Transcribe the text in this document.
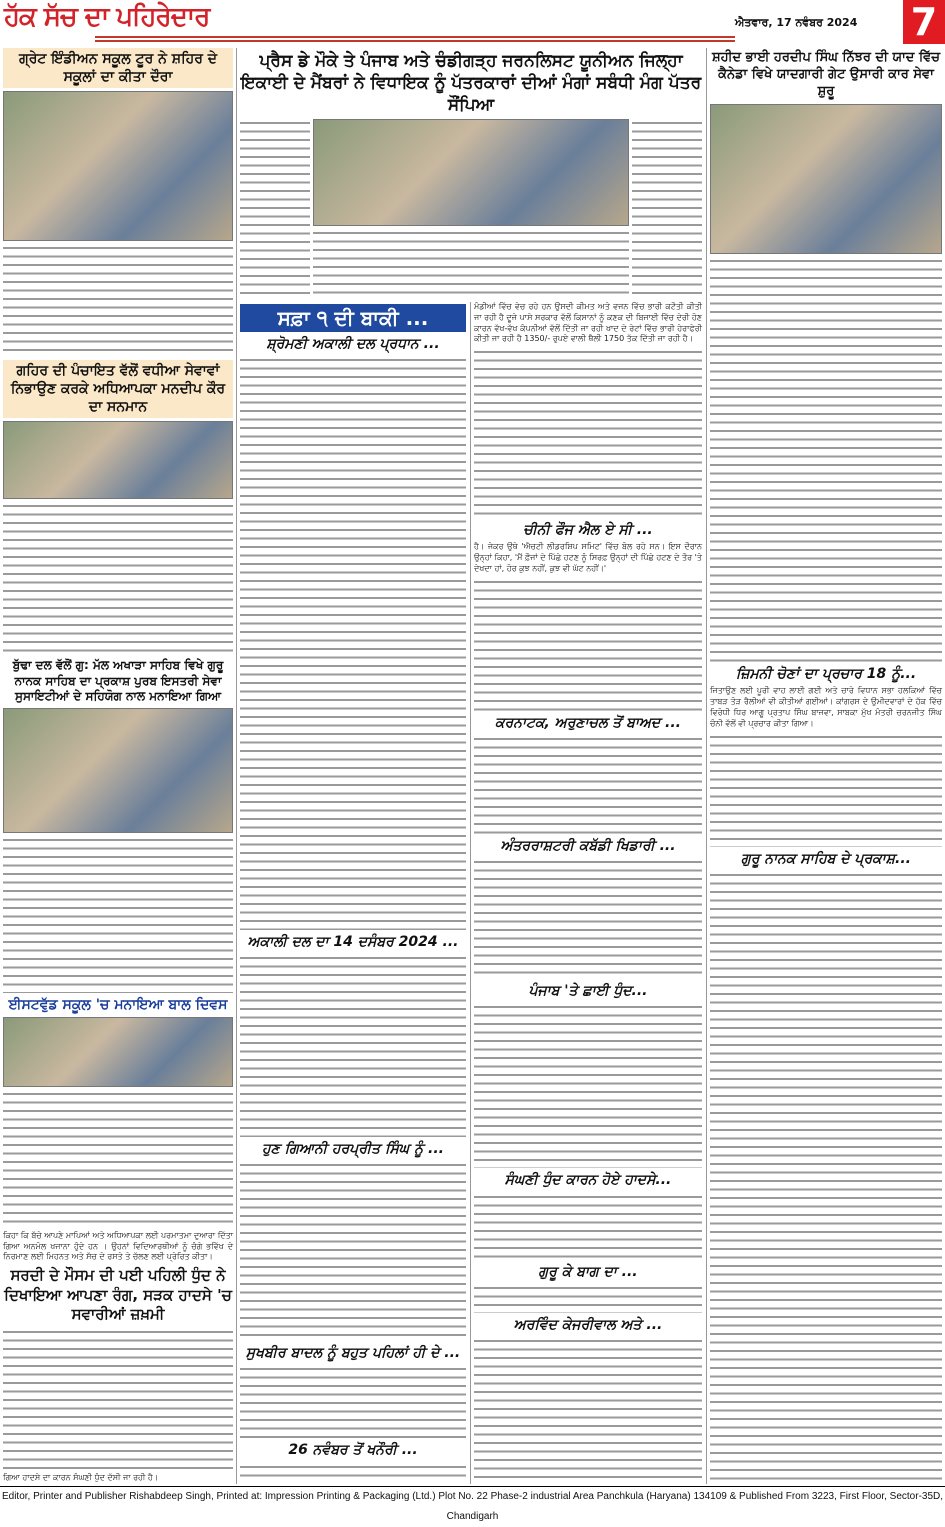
ਹੱਕ ਸੱਚ ਦਾ ਪਹਿਰੇਦਾਰ	ਐਤਵਾਰ, 17 ਨਵੰਬਰ 2024 7
ਗ੍ਰੇਟ ਇੰਡੀਅਨ ਸਕੂਲ ਟੂਰ ਨੇ ਸ਼ਹਿਰ ਦੇ ਸਕੂਲਾਂ ਦਾ ਕੀਤਾ ਦੌਰਾ
ਗਹਿਰ ਦੀ ਪੰਚਾਇਤ ਵੱਲੋਂ ਵਧੀਆ ਸੇਵਾਵਾਂ ਨਿਭਾਉਣ ਕਰਕੇ ਅਧਿਆਪਕਾ ਮਨਦੀਪ ਕੌਰ ਦਾ ਸਨਮਾਨ
ਬੁੱਢਾ ਦਲ ਵੱਲੋਂ ਗੁ: ਮੱਲ ਅਖਾੜਾ ਸਾਹਿਬ ਵਿਖੇ ਗੁਰੂ ਨਾਨਕ ਸਾਹਿਬ ਦਾ ਪ੍ਰਕਾਸ਼ ਪੁਰਬ ਇਸਤਰੀ ਸੇਵਾ ਸੁਸਾਇਟੀਆਂ ਦੇ ਸਹਿਯੋਗ ਨਾਲ ਮਨਾਇਆ ਗਿਆ
ਈਸਟਵੁੱਡ ਸਕੂਲ 'ਚ ਮਨਾਇਆ ਬਾਲ ਦਿਵਸ
ਕਿਹਾ ਕਿ ਬੱਚੇ ਆਪਣੇ ਮਾਪਿਆਂ ਅਤੇ ਅਧਿਆਪਕਾ ਲਈ ਪਰਮਾਤਮਾ ਦੁਆਰਾ ਦਿੱਤਾ ਗਿਆ ਅਨਮੋਲ ਖਜਾਨਾ ਹੁੰਦੇ ਹਨ । ਉਹਨਾਂ ਵਿਦਿਆਰਥੀਆਂ ਨੂੰ ਚੰਗੇ ਭਵਿੱਖ ਦੇ ਨਿਰਮਾਣ ਲਈ ਮਿਹਨਤ ਅਤੇ ਸੱਚ ਦੇ ਰਸਤੇ ਤੇ ਚੱਲਣ ਲਈ ਪ੍ਰੇਰਿਤ ਕੀਤਾ।
ਸਰਦੀ ਦੇ ਮੌਸਮ ਦੀ ਪਈ ਪਹਿਲੀ ਧੁੰਦ ਨੇ ਦਿਖਾਇਆ ਆਪਣਾ ਰੰਗ, ਸੜਕ ਹਾਦਸੇ 'ਚ ਸਵਾਰੀਆਂ ਜ਼ਖ਼ਮੀ
ਗਿਆ ਹਾਦਸੇ ਦਾ ਕਾਰਨ ਸੰਘਣੀ ਧੁੰਦ ਦੱਸੀ ਜਾ ਰਹੀ ਹੈ।
ਪ੍ਰੈਸ ਡੇ ਮੌਕੇ ਤੇ ਪੰਜਾਬ ਅਤੇ ਚੰਡੀਗੜ੍ਹ ਜਰਨਲਿਸਟ ਯੂਨੀਅਨ ਜਿਲ੍ਹਾ ਇਕਾਈ ਦੇ ਮੈਂਬਰਾਂ ਨੇ ਵਿਧਾਇਕ ਨੂੰ ਪੱਤਰਕਾਰਾਂ ਦੀਆਂ ਮੰਗਾਂ ਸਬੰਧੀ ਮੰਗ ਪੱਤਰ ਸੌਂਪਿਆ
ਸਫ਼ਾ ੧ ਦੀ ਬਾਕੀ ...
ਸ਼੍ਰੋਮਣੀ ਅਕਾਲੀ ਦਲ ਪ੍ਰਧਾਨ ...
ਅਕਾਲੀ ਦਲ ਦਾ 14 ਦਸੰਬਰ 2024 ...
ਹੁਣ ਗਿਆਨੀ ਹਰਪ੍ਰੀਤ ਸਿੰਘ ਨੂੰ ...
ਸੁਖਬੀਰ ਬਾਦਲ ਨੂੰ ਬਹੁਤ ਪਹਿਲਾਂ ਹੀ ਦੇ ...
26 ਨਵੰਬਰ ਤੋਂ ਖਨੌਰੀ ...
ਮੰਡੀਆਂ ਵਿੱਚ ਵੇਚ ਰਹੇ ਹਨ ਉਸਦੀ ਕੀਮਤ ਅਤੇ ਵਜਨ ਵਿੱਚ ਭਾਰੀ ਕਟੌਤੀ ਕੀਤੀ ਜਾ ਰਹੀ ਹੈ ਦੂਜੇ ਪਾਸੇ ਸਰਕਾਰ ਵੱਲੋਂ ਕਿਸਾਨਾਂ ਨੂੰ ਕਣਕ ਦੀ ਬਿਜਾਈ ਵਿੱਚ ਦੇਰੀ ਹੋਣ ਕਾਰਨ ਵੱਖ-ਵੱਖ ਕੰਪਨੀਆਂ ਵੱਲੋਂ ਦਿੱਤੀ ਜਾ ਰਹੀ ਖਾਦ ਦੇ ਰੇਟਾਂ ਵਿੱਚ ਭਾਰੀ ਹੇਰਾਫੇਰੀ ਕੀਤੀ ਜਾ ਰਹੀ ਹੈ 1350/- ਰੁਪਏ ਵਾਲੀ ਥੈਲੀ 1750 ਤੱਕ ਦਿੱਤੀ ਜਾ ਰਹੀ ਹੈ।
ਚੀਨੀ ਫੌਜ ਐਲ ਏ ਸੀ ...
ਹੈ। ਜੇਕਰ ਉਥੇ 'ਐਚਟੀ ਲੀਡਰਸ਼ਿਪ ਸਮਿਟ' ਵਿੱਚ ਬੋਲ ਰਹੇ ਸਨ। ਇਸ ਦੌਰਾਨ ਉਨ੍ਹਾਂ ਕਿਹਾ, 'ਮੈਂ ਫ਼ੌਜਾਂ ਦੇ ਪਿੱਛੇ ਹਟਣ ਨੂੰ ਸਿਰਫ਼ ਉਨ੍ਹਾਂ ਦੀ ਪਿੱਛੇ ਹਟਣ ਦੇ ਤੌਰ 'ਤੇ ਦੇਖਦਾ ਹਾਂ, ਹੋਰ ਕੁਝ ਨਹੀਂ, ਕੁਝ ਵੀ ਘੱਟ ਨਹੀਂ।'
ਕਰਨਾਟਕ, ਅਰੁਣਾਚਲ ਤੋਂ ਬਾਅਦ ...
ਅੰਤਰਰਾਸ਼ਟਰੀ ਕਬੱਡੀ ਖਿਡਾਰੀ ...
ਪੰਜਾਬ 'ਤੇ ਛਾਈ ਧੁੰਦ...
ਸੰਘਣੀ ਧੁੰਦ ਕਾਰਨ ਹੋਏ ਹਾਦਸੇ...
ਗੁਰੂ ਕੇ ਬਾਗ ਦਾ ...
ਅਰਵਿੰਦ ਕੇਜਰੀਵਾਲ ਅਤੇ ...
ਸ਼ਹੀਦ ਭਾਈ ਹਰਦੀਪ ਸਿੰਘ ਨਿੱਝਰ ਦੀ ਯਾਦ ਵਿੱਚ ਕੈਨੇਡਾ ਵਿਖੇ ਯਾਦਗਾਰੀ ਗੇਟ ਉਸਾਰੀ ਕਾਰ ਸੇਵਾ ਸ਼ੁਰੂ
ਜ਼ਿਮਨੀ ਚੋਣਾਂ ਦਾ ਪ੍ਰਚਾਰ 18 ਨੂੰ...
ਜਿਤਾਉਣ ਲਈ ਪੂਰੀ ਵਾਹ ਲਾਈ ਗਈ ਅਤੇ ਚਾਰੇ ਵਿਧਾਨ ਸਭਾ ਹਲਕਿਆਂ ਵਿੱਚ ਤਾਬੜ ਤੋੜ ਰੈਲੀਆਂ ਵੀ ਕੀਤੀਆਂ ਗਈਆਂ। ਕਾਂਗਰਸ ਦੇ ਉਮੀਦਵਾਰਾਂ ਦੇ ਹੱਕ ਵਿੱਚ ਵਿਰੋਧੀ ਧਿਰ ਆਗੂ ਪ੍ਰਤਾਪ ਸਿੰਘ ਬਾਜਵਾ, ਸਾਬਕਾ ਮੁੱਖ ਮੰਤਰੀ ਚਰਨਜੀਤ ਸਿੰਘ ਚੰਨੀ ਵੱਲੋਂ ਵੀ ਪ੍ਰਚਾਰ ਕੀਤਾ ਗਿਆ।
ਗੁਰੂ ਨਾਨਕ ਸਾਹਿਬ ਦੇ ਪ੍ਰਕਾਸ਼...
Editor, Printer and Publisher Rishabdeep Singh, Printed at: Impression Printing & Packaging (Ltd.) Plot No. 22 Phase-2 industrial Area Panchkula (Haryana) 134109 & Published From 3223, First Floor, Sector-35D, Chandigarh
